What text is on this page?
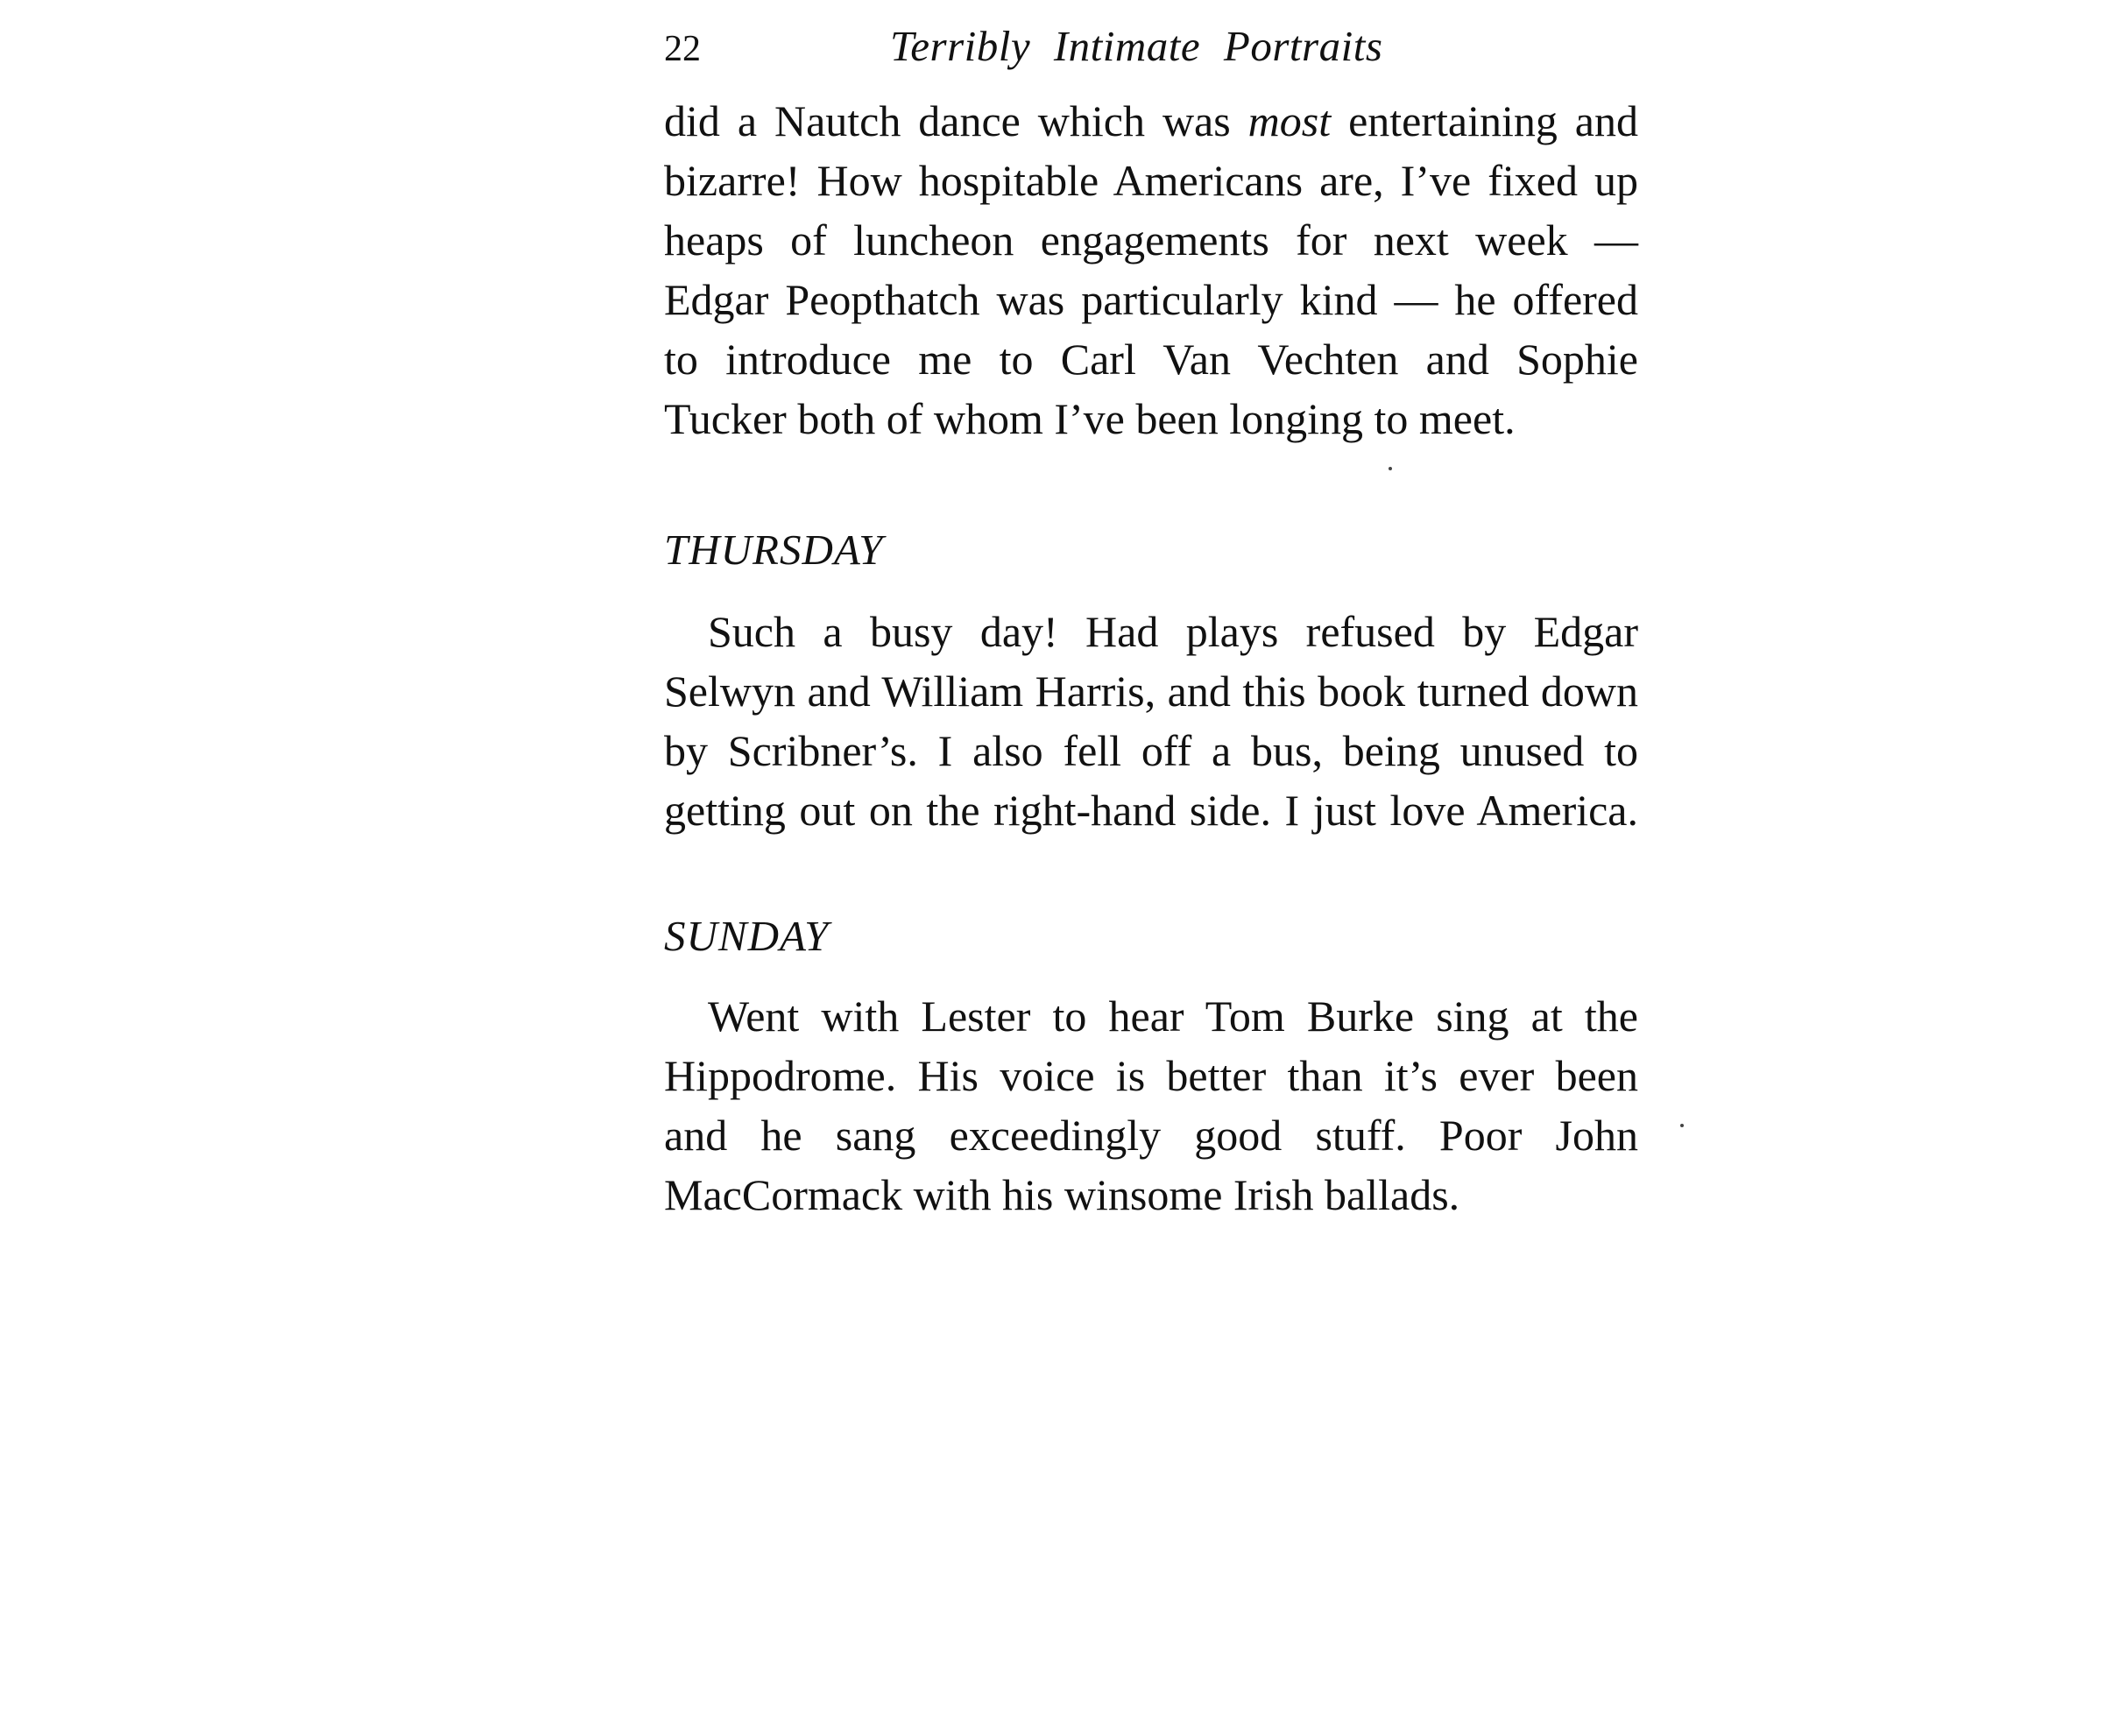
22	Terribly Intimate Portraits
did a Nautch dance which was most entertaining and
bizarre! How hospitable Americans are, I’ve fixed up
heaps of luncheon engagements for next week —
Edgar Peopthatch was particularly kind — he offered
to introduce me to Carl Van Vechten and Sophie
Tucker both of whom I’ve been longing to meet.
THURSDAY
Such a busy day! Had plays refused by Edgar
Selwyn and William Harris, and this book turned down
by Scribner’s. I also fell off a bus, being unused to
getting out on the right-hand side. I just love America.
SUNDAY
Went with Lester to hear Tom Burke sing at the
Hippodrome. His voice is better than it’s ever been
and he sang exceedingly good stuff. Poor John
MacCormack with his winsome Irish ballads.
